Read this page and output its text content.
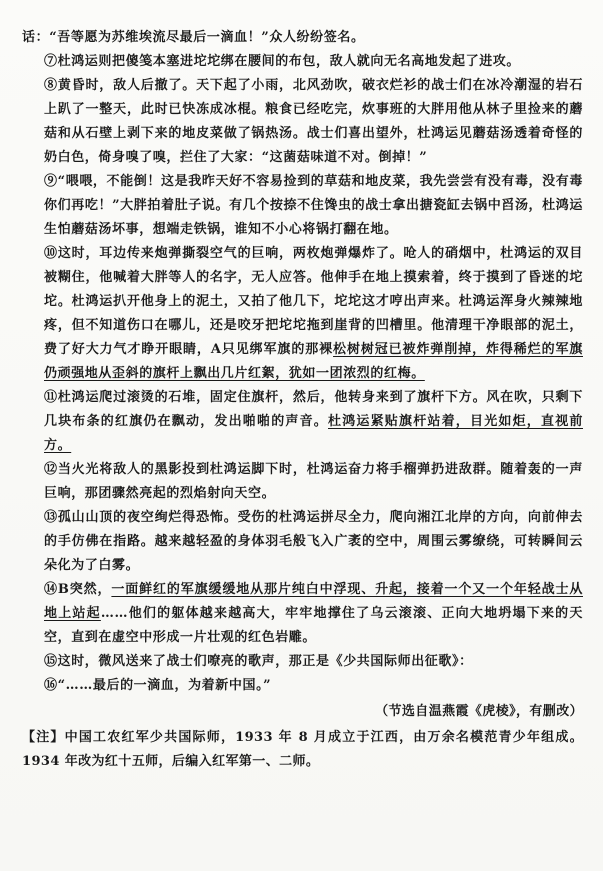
话：“吾等愿为苏维埃流尽最后一滴血！”众人纷纷签名。

⑦杜鸿运则把傻笺本塞进坨坨绑在腰间的布包，敌人就向无名高地发起了进攻。

⑧黄昏时，敌人后撤了。天下起了小雨，北风劲吹，破衣烂衫的战士们在冰冷潮湿的岩石上趴了一整天，此时已快冻成冰棍。粮食已经吃完，炊事班的大胖用他从林子里捡来的蘑菇和从石壁上剥下来的地皮菜做了锅热汤。战士们喜出望外，杜鸿运见蘑菇汤透着奇怪的奶白色，倚身嗅了嗅，拦住了大家：“这菌菇味道不对。倒掉！”

⑨“喂喂，不能倒！这是我昨天好不容易捡到的草菇和地皮菜，我先尝尝有没有毒，没有毒你们再吃！”大胖拍着肚子说。有几个按捺不住馋虫的战士拿出搪瓷缸去锅中舀汤，杜鸿运生怕蘑菇汤坏事，想端走铁锅，谁知不小心将锅打翻在地。

⑩这时，耳边传来炮弹撕裂空气的巨响，两枚炮弹爆炸了。呛人的硝烟中，杜鸿运的双目被糊住，他喊着大胖等人的名字，无人应答。他伸手在地上摸索着，终于摸到了昏迷的坨坨。杜鸿运扒开他身上的泥土，又拍了他几下，坨坨这才哼出声来。杜鸿运浑身火辣辣地疼，但不知道伤口在哪儿，还是咬牙把坨坨拖到崖背的凹槽里。他清理干净眼部的泥土，费了好大力气才睁开眼睛，A只见绑军旗的那裸松树树冠已被炸弹削掉，炸得稀烂的军旗仍顽强地从歪斜的旗杆上飘出几片红絮，犹如一团浓烈的红梅。

⑪杜鸿运爬过滚烫的石堆，固定住旗杆，然后，他转身来到了旗杆下方。风在吹，只剩下几块布条的红旗仍在飘动，发出啪啪的声音。杜鸿运紧贴旗杆站着，目光如炬，直视前方。

⑫当火光将敌人的黑影投到杜鸿运脚下时，杜鸿运奋力将手榴弹扔进敌群。随着轰的一声巨响，那团骤然亮起的烈焰射向天空。

⑬孤山山顶的夜空绚烂得恐怖。受伤的杜鸿运拼尽全力，爬向湘江北岸的方向，向前伸去的手仿佛在指路。越来越轻盈的身体羽毛般飞入广袤的空中，周围云雾缭绕，可转瞬间云朵化为了白雾。

⑭B突然，一面鲜红的军旗缓缓地从那片纯白中浮现、升起，接着一个又一个年轻战士从地上站起……他们的躯体越来越高大，牢牢地撑住了乌云滚滚、正向大地坍塌下来的天空，直到在虚空中形成一片壮观的红色岩雕。

⑮这时，微风送来了战士们嘹亮的歌声，那正是《少共国际师出征歌》：

⑯“……最后的一滴血，为着新中国。”

（节选自温燕霞《虎棱》，有删改）

【注】中国工农红军少共国际师，1933 年 8 月成立于江西，由万余名模范青少年组成。1934 年改为红十五师，后编入红军第一、二师。
